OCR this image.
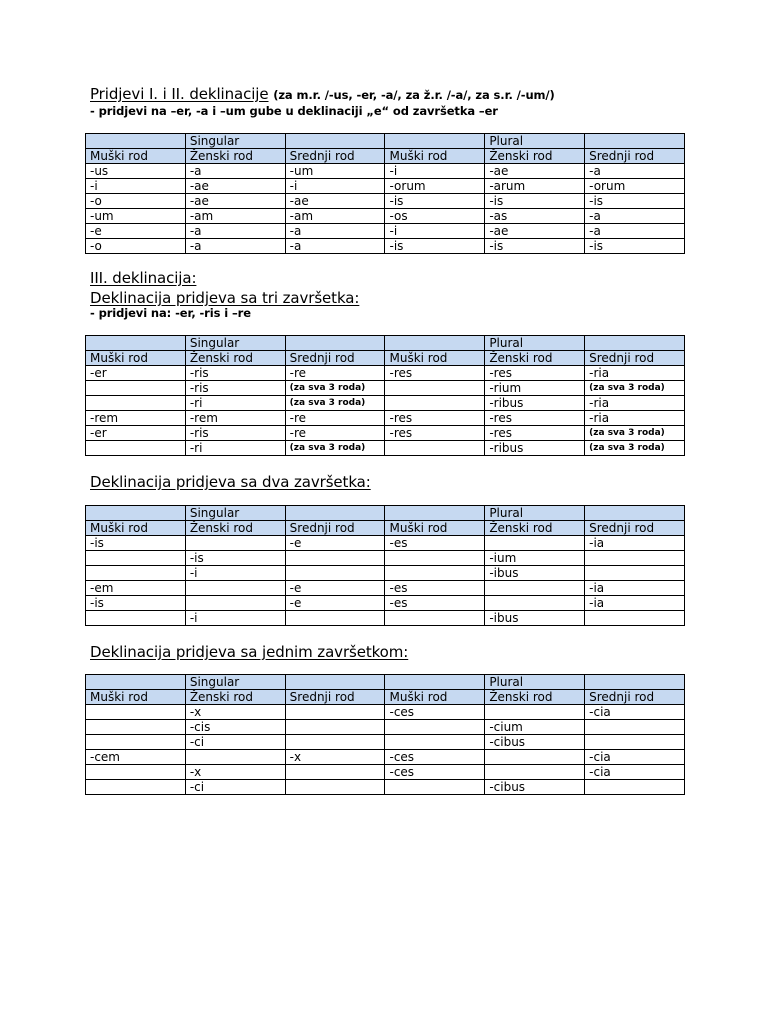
Pridjevi I. i II. deklinacije (za m.r. /-us, -er, -a/, za ž.r. /-a/, za s.r. /-um/)

- pridjevi na –er, -a i –um gube u deklinaciji „e“ od završetka –er

	Singular			Plural	
Muški rod	Ženski rod	Srednji rod	Muški rod	Ženski rod	Srednji rod
-us	-a	-um	-i	-ae	-a
-i	-ae	-i	-orum	-arum	-orum
-o	-ae	-ae	-is	-is	-is
-um	-am	-am	-os	-as	-a
-e	-a	-a	-i	-ae	-a
-o	-a	-a	-is	-is	-is
III. deklinacija:
Deklinacija pridjeva sa tri završetka:

- pridjevi na: -er, -ris i –re

	Singular			Plural	
Muški rod	Ženski rod	Srednji rod	Muški rod	Ženski rod	Srednji rod
-er	-ris	-re	-res	-res	-ria
	-ris	(za sva 3 roda)		-rium	(za sva 3 roda)
	-ri	(za sva 3 roda)		-ribus	-ria
-rem	-rem	-re	-res	-res	-ria
-er	-ris	-re	-res	-res	(za sva 3 roda)
	-ri	(za sva 3 roda)		-ribus	(za sva 3 roda)
Deklinacija pridjeva sa dva završetka:
	Singular			Plural	
Muški rod	Ženski rod	Srednji rod	Muški rod	Ženski rod	Srednji rod
-is		-e	-es		-ia
	-is			-ium	
	-i			-ibus	
-em		-e	-es		-ia
-is		-e	-es		-ia
	-i			-ibus	
Deklinacija pridjeva sa jednim završetkom:
	Singular			Plural	
Muški rod	Ženski rod	Srednji rod	Muški rod	Ženski rod	Srednji rod
	-x		-ces		-cia
	-cis			-cium	
	-ci			-cibus	
-cem		-x	-ces		-cia
	-x		-ces		-cia
	-ci			-cibus	
